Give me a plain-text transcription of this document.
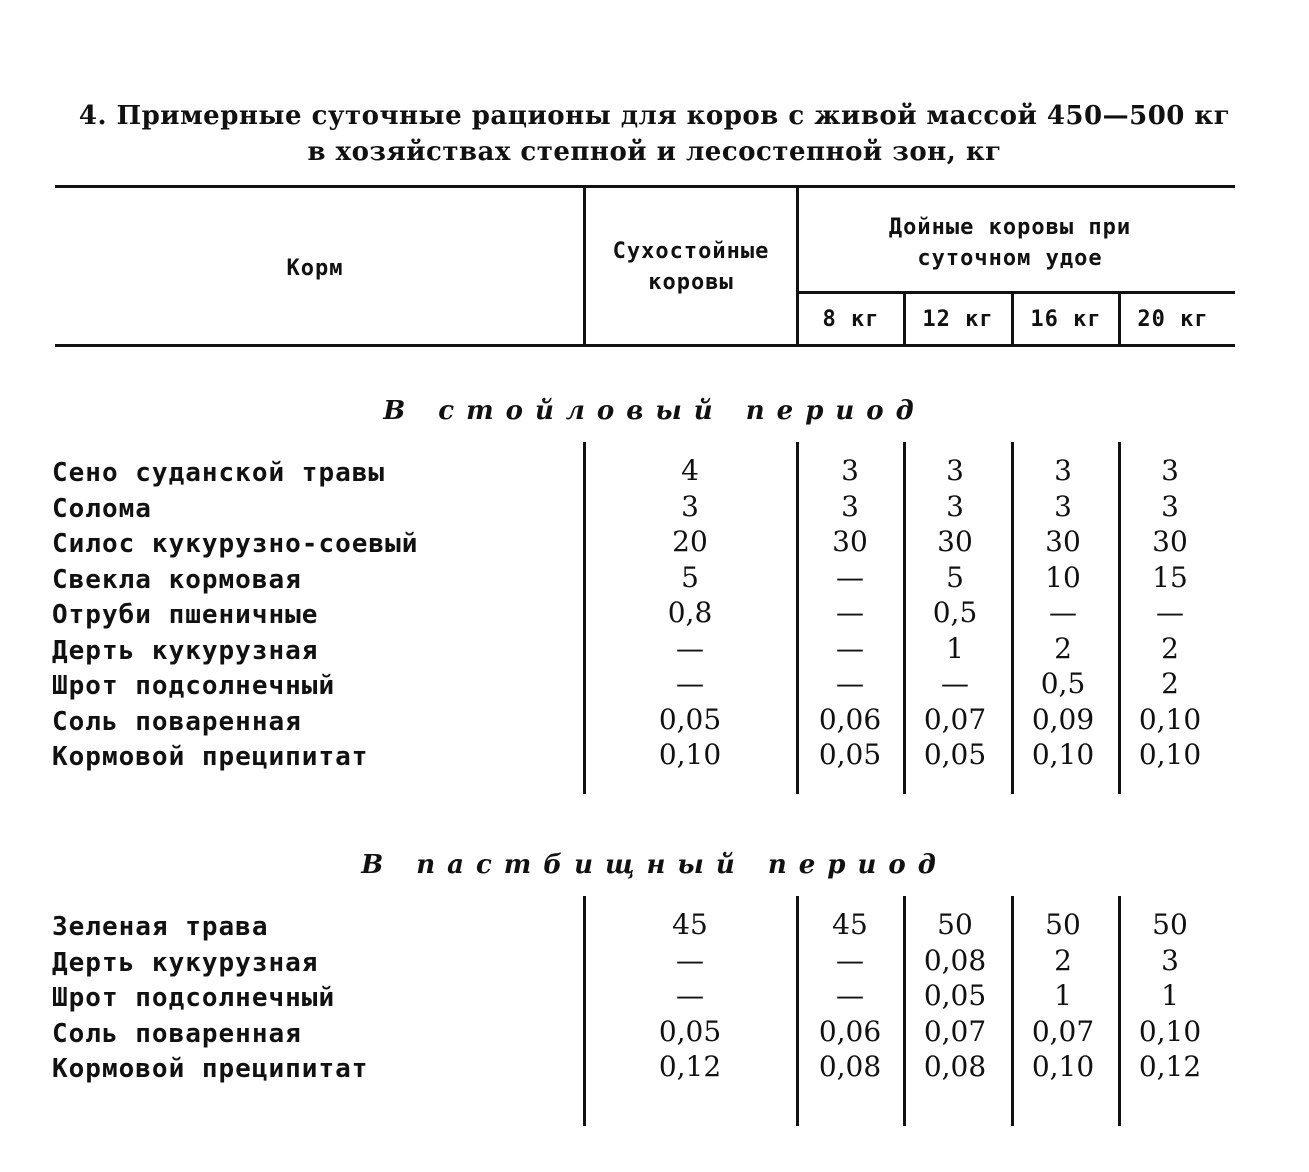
4. Примерные суточные рационы для коров с живой массой 450—500 кг
в хозяйствах степной и лесостепной зон, кг
Корм
Сухостойные коровы
Дойные коровы при суточном удое
8 кг	12 кг	16 кг	20 кг
В стойловый период
Сено суданской травы	4	3	3	3	3
Солома	3	3	3	3	3
Силос кукурузно-соевый	20	30	30	30	30
Свекла кормовая	5	—	5	10	15
Отруби пшеничные	0,8	—	0,5	—	—
Дерть кукурузная	—	—	1	2	2
Шрот подсолнечный	—	—	—	0,5	2
Соль поваренная	0,05	0,06	0,07	0,09	0,10
Кормовой преципитат	0,10	0,05	0,05	0,10	0,10
В пастбищный период
Зеленая трава	45	45	50	50	50
Дерть кукурузная	—	—	0,08	2	3
Шрот подсолнечный	—	—	0,05	1	1
Соль поваренная	0,05	0,06	0,07	0,07	0,10
Кормовой преципитат	0,12	0,08	0,08	0,10	0,12
